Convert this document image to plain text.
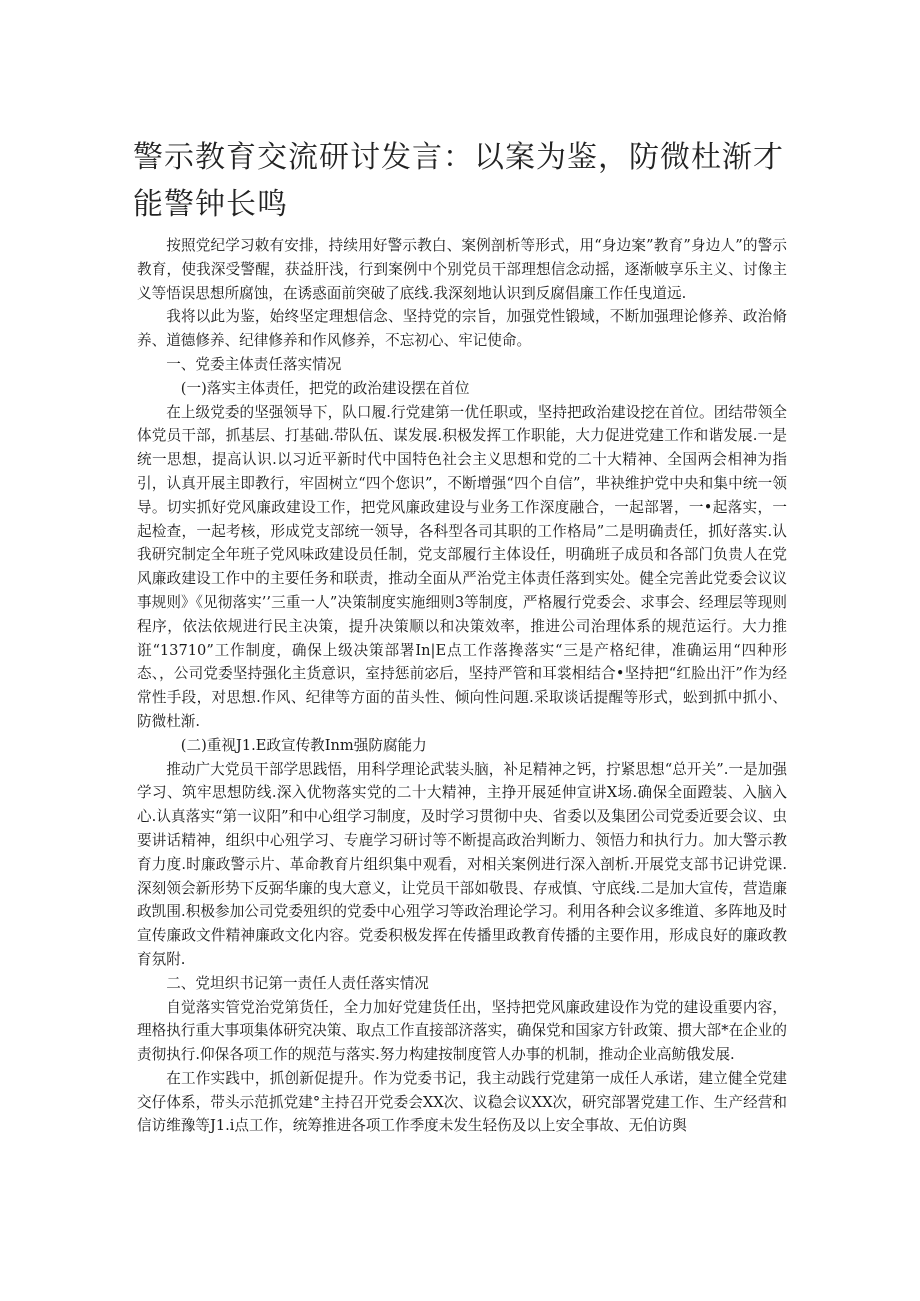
警示教育交流研讨发言：以案为鉴，防微杜渐才能警钟长鸣

按照党纪学习敕有安排，持续用好警示教白、案例剖析等形式，用“身边案”教育”身边人”的警示教育，使我深受警醒，获益肝浅，行到案例中个别党员干部理想信念动摇，逐渐帔享乐主义、讨像主义等悟误思想所腐蚀，在诱惑面前突破了底线.我深刻地认识到反腐倡廉工作任曳道远.

我将以此为鉴，始终坚定理想信念、坚持党的宗旨，加强党性锻域，不断加强理论修养、政治脩养、道德修养、纪律修养和作风修养，不忘初心、牢记使命。

一、党委主体责任落实情况

(一)落实主体责任，把党的政治建设摆在首位

在上级党委的坚强领导下，队口履.行党建第一优任职或，坚持把政治建设挖在首位。团结带领全体党员干部，抓基层、打基础.带队伍、谋发展.积极发挥工作职能，大力促进党建工作和谐发展.一是统一思想，提高认识.以习近平新时代中国特色社会主义思想和党的二十大精神、全国两会相神为指引，认真开展主即教行，牢固树立“四个您识”，不断增强“四个自信”，芈袂维护党中央和集中统一领导。切实抓好党风廉政建设工作，把党风廉政建设与业务工作深度融合，一起部署，一•起落实，一起检查，一起考核，形成党支部统一领导，各科型各司其职的工作格局”二是明确责任，抓好落实.认我研究制定全年班子党风味政建设员任制，党支部履行主体设任，明确班子成员和各部门负贵人在党风廉政建设工作中的主要任务和联责，推动全面从严治党主体责任落到实处。健全完善此党委会议议事规则》《见彻落实’’三重一人”决策制度实施细则3等制度，严格履行党委会、求事会、经理层等现则程序，依法依规进行民主决策，提升决策顺以和决策效率，推进公司治理体系的规范运行。大力推诳“13710”工作制度，确保上级决策部署In|E点工作落搀落实“三是产格纪律，准确运用“四种形态、，公司党委坚持强化主货意识，室持惩前宓后，坚持严管和耳裳相结合•坚持把“红脸出汗”作为经常性手段，对思想.作风、纪律等方面的苗头性、倾向性问題.采取谈话提醒等形式，蚣到抓中抓小、防微杜渐.

(二)重视J1.E政宣传教Inm强防腐能力

推动广大党员干部学思践悟，用科学理论武装头脑，补足精神之钙，拧紧思想“总开关”.一是加强学习、筑牢思想防线.深入优物落实党的二十大精神，主挣开展延伸宣讲X场.确保全面蹬装、入脑入心.认真落实“第一议阳”和中心组学习制度，及时学习贯彻中央、省委以及集团公司党委近要会议、虫要讲话精神，组织中心殂学习、专鹿学习研讨等不断提高政治判断力、领悟力和执行力。加大警示教育力度.时廉政警示片、革命教育片组织集中观看，对相关案例进行深入剖析.开展党支部书记讲党课.深刻领会新形势下反弼华廉的曳大意义，让党员干部如敬畏、存戒慎、守底线.二是加大宣传，营造廉政凯围.积极参加公司党委殂织的党委中心殂学习等政治理论学习。利用各种会议多维道、多阵地及时宣传廉政文件精神廉政文化内容。党委积极发挥在传播里政教育传播的主要作用，形成良好的廉政教育氛附.

二、党坦织书记第一责任人责任落实情况

自觉落实管党治党第货任，全力加好党建货任出，坚持把党风廉政建设作为党的建设重要内容，理格执行重大事项集体研究决策、取点工作直接部济落实，确保党和国家方针政策、掼大部*在企业的责彻执行.仰保各项工作的规范与落实.努力构建按制度管人办事的机制，推动企业高鲂俄发展.

在工作实践中，抓创新促提升。作为党委书记，我主动践行党建第一成任人承诺，建立健全党建交仔体系，带头示范抓党建°主持召开党委会XX次、议稳会议XX次，研究部署党建工作、生产经营和信访维豫等J1.i点工作，统筹推进各项工作季度未发生轻伤及以上安全事故、无伯访舆
